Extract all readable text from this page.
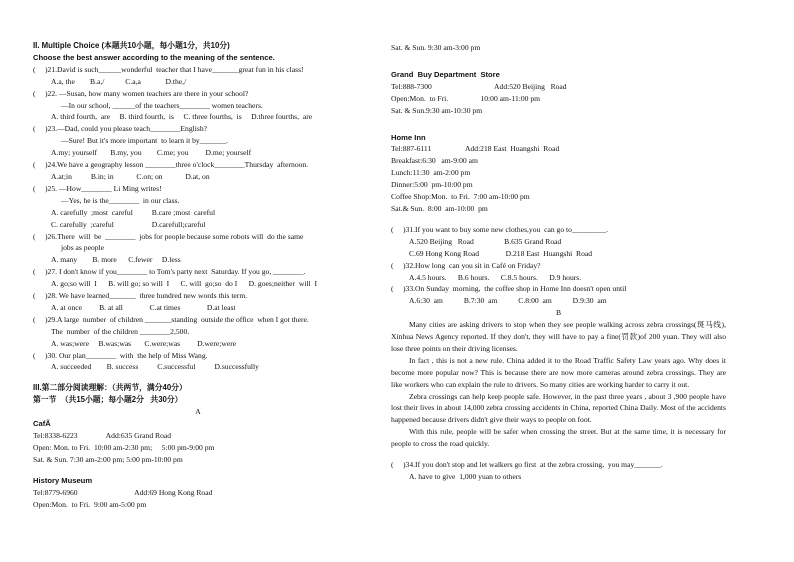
II. Multiple Choice (本题共10小题，每小题1分，共10分)
Choose the best answer according to the meaning of the sentence.
(     )21.David is such______wonderful  teacher that I have_______great fun in his class!
A.a, the        B.a,/           C.a,a             D.the,/
(     )22. —Susan, how many women teachers are there in your school?
—In our school, ______of the teachers________ women teachers.
A. third fourth,  are     B. third fourth,  is     C. three fourths,  is     D.three fourths,  are
(     )23.—Dad, could you please teach________English?
—Sure! But it's more important  to learn it by_______.
A.my; yourself       B.my, you        C.me; you         D.me; yourself
(     )24.We have a geography lesson ________three o'clock________Thursday  afternoon.
A.at;in          B.in; in            C.on; on            D.at, on
(     )25. —How________ Li Ming writes!
—Yes, he is the________  in our class.
A. carefully  ;most  careful          B.care ;most  careful
C. carefully  ;careful                    D.carefull;careful
(     )26.There  will  be  ________  jobs for people because some robots will  do the same
jobs as people
A. many        B. more      C.fewer     D.less
(     )27. I don't know if you________ to Tom's party next  Saturday. If you go, ________.
A. go;so will  I      B. will go; so will  I      C. will  go;so  do I      D. goes;neither  will  I
(     )28. We have learned_______  three hundred new words this term.
A. at once         B. at all              C.at times              D.at least
(     )29.A large  number  of children _______standing  outside the office  when I got there.
The  number  of the children ________2,500.
A. was;were     B.was;was       C.were;was         D.were;were
(     )30. Our plan________  with  the help of Miss Wang.
A. succeeded        B. success          C.successful          D.successfully
III.第二部分阅读理解：（共两节，满分40分）
第一节  （共15小题；每小题2分   共30分）
A
CafÃ
Tel:8338-6223               Add:635 Grand Road
Open: Mon. to Fri.  10:00 am-2:30 pm;     5:00 pm-9:00 pm
Sat. & Sun. 7:30 am-2:00 pm; 5:00 pm-10:00 pm
History Museum
Tel:8779-6960                              Add:69 Hong Kong Road
Open:Mon.  to Fri.  9:00 am-5:00 pm
Sat. & Sun. 9:30 am-3:00 pm
Grand  Buy Department  Store
Tel:888-7300                                 Add:520 Beijing   Road
Open:Mon.  to Fri.                 10:00 am-11:00 pm
Sat. & Sun.9:30 am-10:30 pm
Home Inn
Tel:887-6111                  Add:218 East  Huangshi  Road
Breakfast:6:30   am-9:00 am
Lunch:11:30  am-2:00 pm
Dinner:5:00  pm-10:00 pm
Coffee Shop:Mon.  to Fri.  7:00 am-10:00 pm
Sat.& Sun.  8:00  am-10:00  pm
(     )31.If you want to buy some new clothes,you  can go to_________.
A.520 Beijing   Road                B.635 Grand Road
C.69 Hong Kong Road              D.218 East  Huangshi  Road
(     )32.How long  can you sit in Café on Friday?
A.4.5 hours.      B.6 hours.      C.8.5 hours.      D.9 hours.
(     )33.On Sunday  morning,  the coffee shop in Home Inn doesn't open until
A.6:30  am           B.7:30  am           C.8:00  am           D.9:30  am
B
Many cities are asking drivers to stop when they see people walking across zebra crossings(斑马线), Xinhua News Agency reported. If they don't, they will have to pay a fine(罚款)of 200 yuan. They will also lose three points on their driving licenses.
In fact , this is not a new rule. China added it to the Road Traffic Safety Law years ago. Why does it become more popular now? This is because there are now more cameras around zebra crossings. They are like workers who can explain the rule to drivers. So many cities are working harder to carry it out.
Zebra crossings can help keep people safe. However, in the past three years , about 3 ,900 people have lost their lives in about 14,000 zebra crossing accidents in China, reported China Daily. Most of the accidents happened because drivers didn't give their ways to people on foot.
With this rule, people will be safer when crossing the street. But at the same time, it is necessary for people to cross the road quickly.
(     )34.If you don't stop and let walkers go first  at the zebra crossing,  you may_______.
A. have to give  1,000 yuan to others
